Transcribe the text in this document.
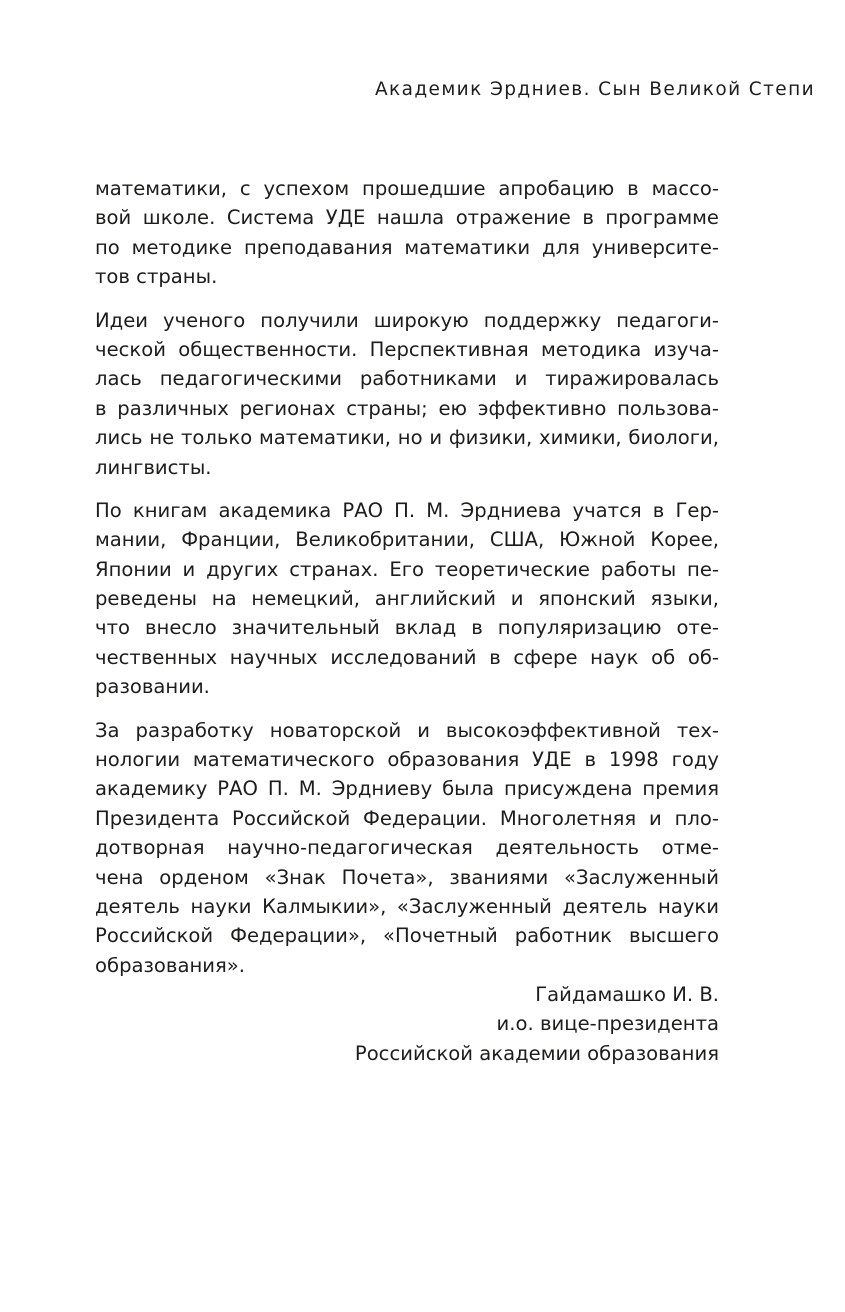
Академик Эрдниев. Сын Великой Степи
математики, с успехом прошедшие апробацию в массо-
вой школе. Система УДЕ нашла отражение в программе
по методике преподавания математики для университе-
тов страны.
Идеи ученого получили широкую поддержку педагоги-
ческой общественности. Перспективная методика изуча-
лась педагогическими работниками и тиражировалась
в различных регионах страны; ею эффективно пользова-
лись не только математики, но и физики, химики, биологи,
лингвисты.
По книгам академика РАО П. М. Эрдниева учатся в Гер-
мании, Франции, Великобритании, США, Южной Корее,
Японии и других странах. Его теоретические работы пе-
реведены на немецкий, английский и японский языки,
что внесло значительный вклад в популяризацию оте-
чественных научных исследований в сфере наук об об-
разовании.
За разработку новаторской и высокоэффективной тех-
нологии математического образования УДЕ в 1998 году
академику РАО П. М. Эрдниеву была присуждена премия
Президента Российской Федерации. Многолетняя и пло-
дотворная научно-педагогическая деятельность отме-
чена орденом «Знак Почета», званиями «Заслуженный
деятель науки Калмыкии», «Заслуженный деятель науки
Российской Федерации», «Почетный работник высшего
образования».
Гайдамашко И. В.
и.о. вице-президента
Российской академии образования
